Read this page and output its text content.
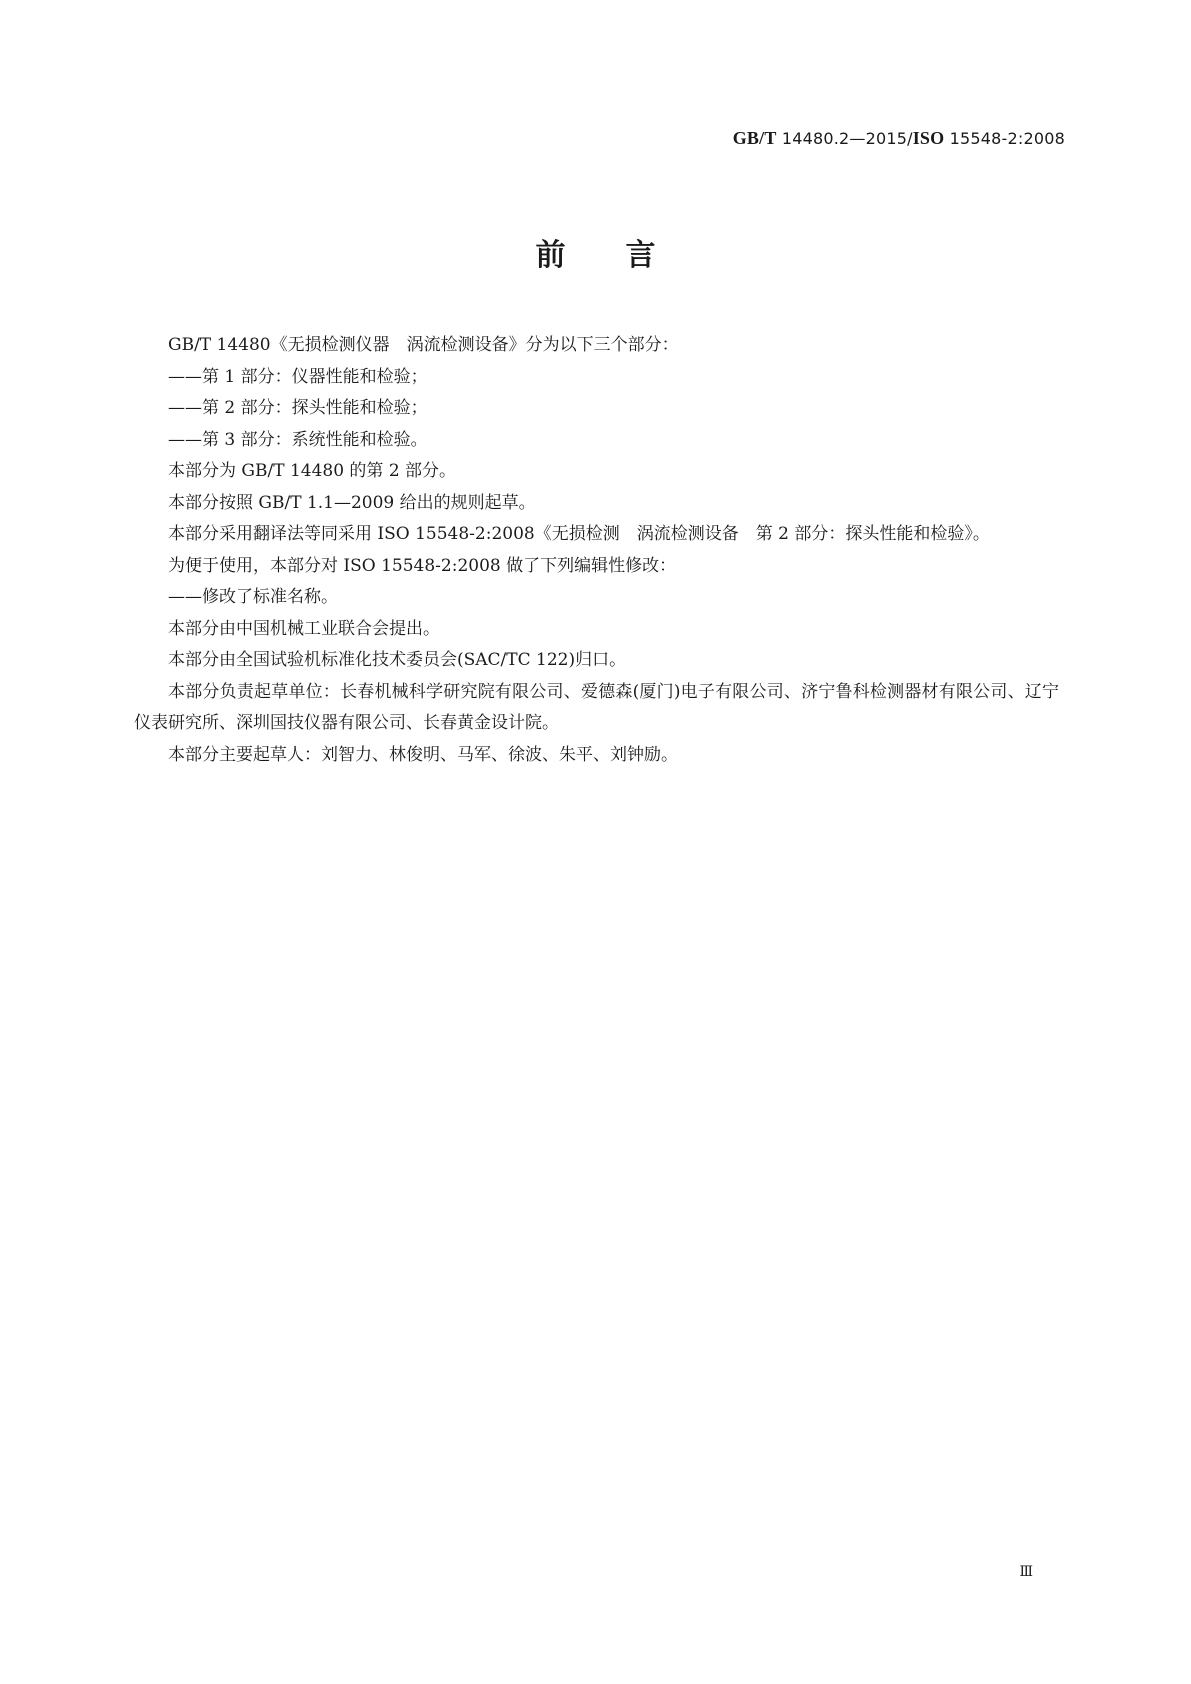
GB/T 14480.2—2015/ISO 15548-2:2008
前言

GB/T 14480《无损检测仪器　涡流检测设备》分为以下三个部分：

——第 1 部分：仪器性能和检验；

——第 2 部分：探头性能和检验；

——第 3 部分：系统性能和检验。

本部分为 GB/T 14480 的第 2 部分。

本部分按照 GB/T 1.1—2009 给出的规则起草。

本部分采用翻译法等同采用 ISO 15548-2:2008《无损检测　涡流检测设备　第 2 部分：探头性能和检验》。

为便于使用，本部分对 ISO 15548-2:2008 做了下列编辑性修改：

——修改了标准名称。

本部分由中国机械工业联合会提出。

本部分由全国试验机标准化技术委员会(SAC/TC 122)归口。

本部分负责起草单位：长春机械科学研究院有限公司、爱德森(厦门)电子有限公司、济宁鲁科检测器材有限公司、辽宁仪表研究所、深圳国技仪器有限公司、长春黄金设计院。

本部分主要起草人：刘智力、林俊明、马军、徐波、朱平、刘钟励。

Ⅲ
